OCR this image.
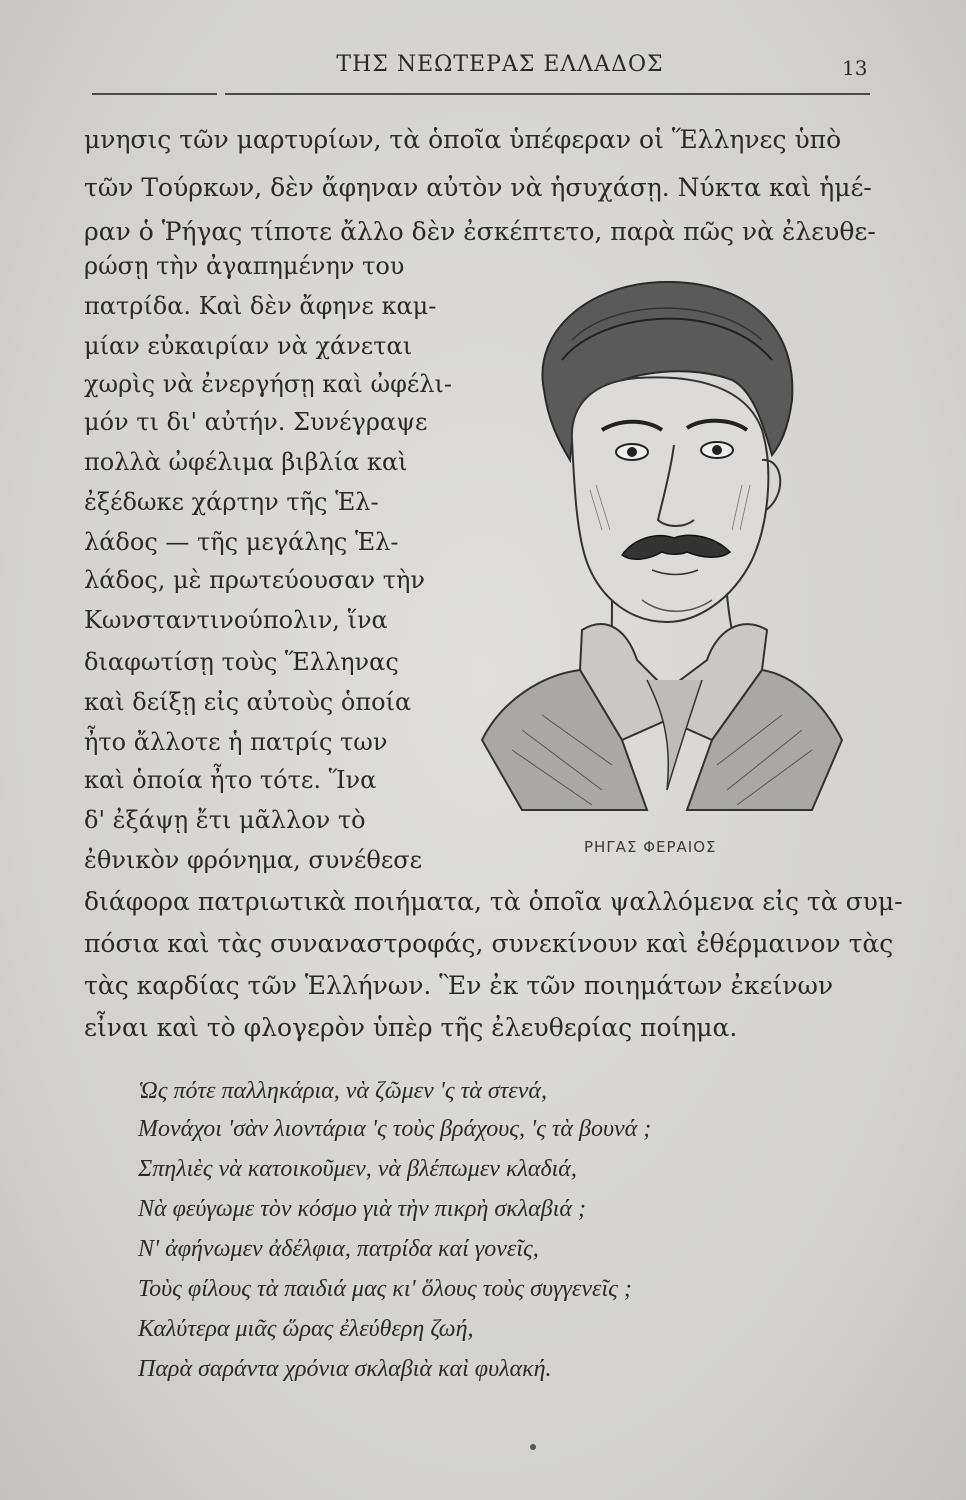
ΤΗΣ ΝΕΩΤΕΡΑΣ ΕΛΛΑΔΟΣ	13
μνησις τῶν μαρτυρίων, τὰ ὁποῖα ὑπέφεραν οἱ Ἕλληνες ὑπὸ
τῶν Τούρκων, δὲν ἄφηναν αὐτὸν νὰ ἡσυχάσῃ. Νύκτα καὶ ἡμέ-
ραν ὁ Ῥήγας τίποτε ἄλλο δὲν ἐσκέπτετο, παρὰ πῶς νὰ ἐλευθε-
ρώσῃ τὴν ἀγαπημένην του
πατρίδα. Καὶ δὲν ἄφηνε καμ-
μίαν εὐκαιρίαν νὰ χάνεται
χωρὶς νὰ ἐνεργήσῃ καὶ ὠφέλι-
μόν τι δι' αὐτήν. Συνέγραψε
πολλὰ ὠφέλιμα βιβλία καὶ
ἐξέδωκε χάρτην τῆς Ἑλ-
λάδος — τῆς μεγάλης Ἑλ-
λάδος, μὲ πρωτεύουσαν τὴν
Κωνσταντινούπολιν, ἵνα
διαφωτίσῃ τοὺς Ἕλληνας
καὶ δείξῃ εἰς αὐτοὺς ὁποία
ἦτο ἄλλοτε ἡ πατρίς των
καὶ ὁποία ἦτο τότε. Ἵνα
δ' ἐξάψῃ ἔτι μᾶλλον τὸ
ἐθνικὸν φρόνημα, συνέθεσε
διάφορα πατριωτικὰ ποιήματα, τὰ ὁποῖα ψαλλόμενα εἰς τὰ συμ-
πόσια καὶ τὰς συναναστροφάς, συνεκίνουν καὶ ἐθέρμαινον τὰς
τὰς καρδίας τῶν Ἑλλήνων. Ἓν ἐκ τῶν ποιημάτων ἐκείνων
εἶναι καὶ τὸ φλογερὸν ὑπὲρ τῆς ἐλευθερίας ποίημα.
ΡΗΓΑΣ ΦΕΡΑΙΟΣ
Ὡς πότε παλληκάρια, νὰ ζῶμεν 'ς τὰ στενά,
Μονάχοι 'σὰν λιοντάρια 'ς τοὺς βράχους, 'ς τὰ βουνά ;
Σπηλιὲς νὰ κατοικοῦμεν, νὰ βλέπωμεν κλαδιά,
Νὰ φεύγωμε τὸν κόσμο γιὰ τὴν πικρὴ σκλαβιά ;
Ν' ἀφήνωμεν ἀδέλφια, πατρίδα καί γονεῖς,
Τοὺς φίλους τὰ παιδιά μας κι' ὅλους τοὺς συγγενεῖς ;
Καλύτερα μιᾶς ὥρας ἐλεύθερη ζωή,
Παρὰ σαράντα χρόνια σκλαβιὰ καὶ φυλακή.
